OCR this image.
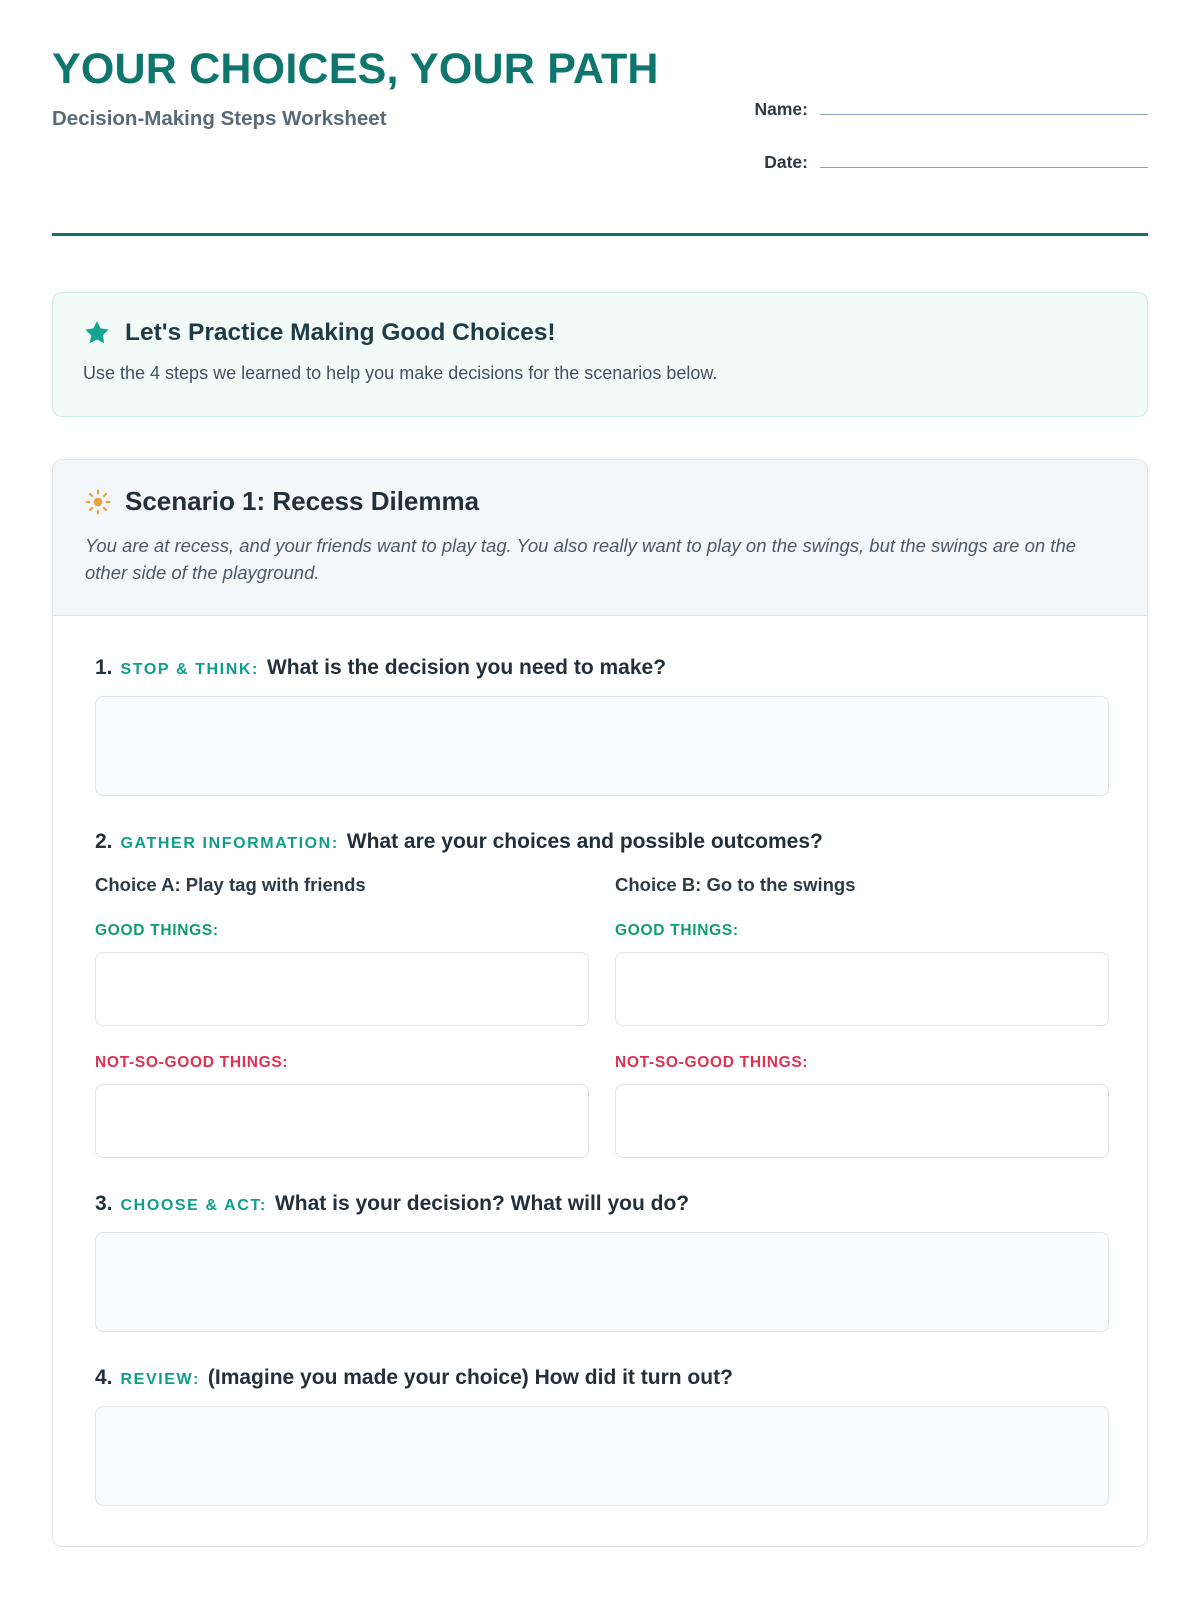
YOUR CHOICES, YOUR PATH
Decision-Making Steps Worksheet	Name:
Date:
Let's Practice Making Good Choices!
Use the 4 steps we learned to help you make decisions for the scenarios below.
Scenario 1: Recess Dilemma
You are at recess, and your friends want to play tag. You also really want to play on the swings, but the swings are on the other side of the playground.
1. STOP & THINK: What is the decision you need to make?
2. GATHER INFORMATION: What are your choices and possible outcomes?
Choice A: Play tag with friends
GOOD THINGS:
NOT-SO-GOOD THINGS:
Choice B: Go to the swings
GOOD THINGS:
NOT-SO-GOOD THINGS:
3. CHOOSE & ACT: What is your decision? What will you do?
4. REVIEW: (Imagine you made your choice) How did it turn out?
